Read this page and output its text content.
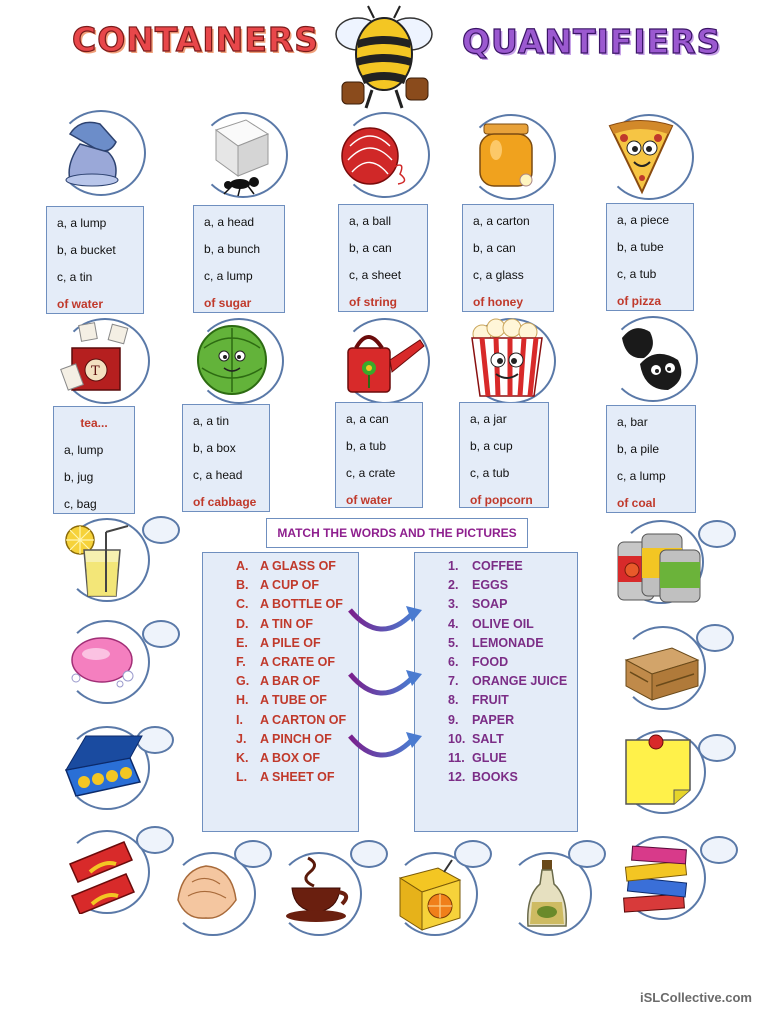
CONTAINERS	QUANTIFIERS
a, a lump
b, a bucket
c, a tin
of water
a, a head
b, a bunch
c, a lump
of sugar
a, a ball
b, a can
c, a sheet
of string
a, a carton
b, a can
c, a glass
of honey
a, a piece
b, a tube
c, a tub
of pizza
T
tea...
a, lump
b, jug
c, bag
a, a tin
b, a box
c, a head
of cabbage
a, a can
b, a tub
c, a crate
of water
a, a jar
b, a cup
c, a tub
of popcorn
a, bar
b, a pile
c, a lump
of coal
MATCH THE WORDS AND THE PICTURES
A. A GLASS OF
B. A CUP OF
C. A BOTTLE OF
D. A TIN OF
E. A PILE OF
F. A CRATE OF
G. A BAR OF
H. A TUBE OF
I. A CARTON OF
J. A PINCH OF
K. A BOX OF
L. A SHEET OF
1. COFFEE
2. EGGS
3. SOAP
4. OLIVE OIL
5. LEMONADE
6. FOOD
7. ORANGE JUICE
8. FRUIT
9. PAPER
10. SALT
11. GLUE
12. BOOKS
iSLCollective.com
